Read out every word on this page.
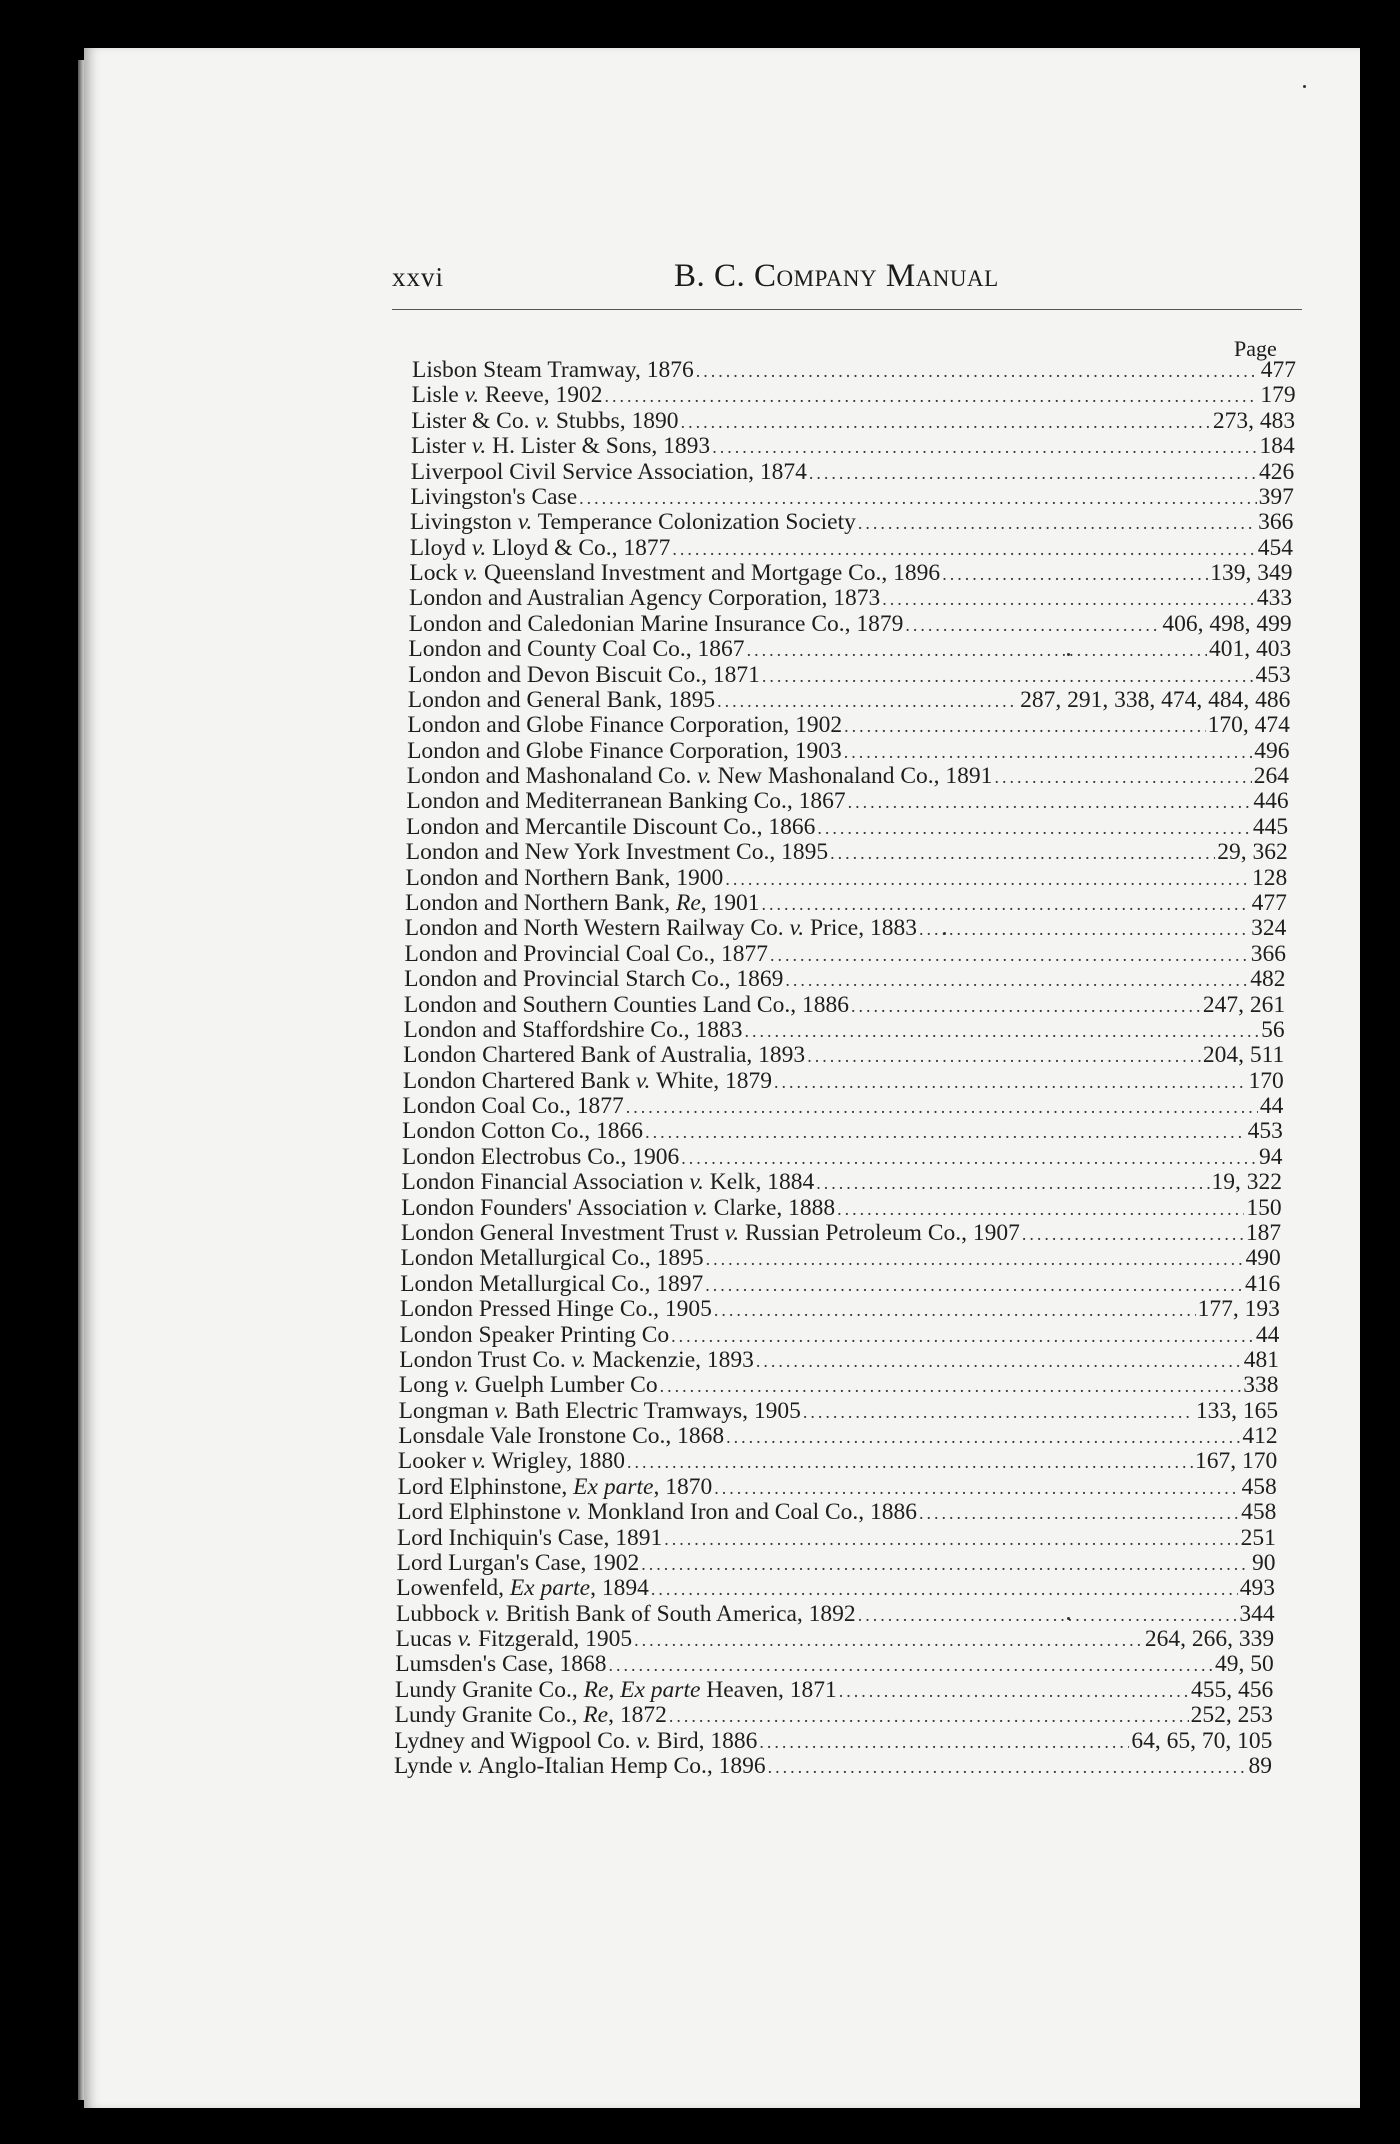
xxvi	B. C. Company Manual
Page
Lisbon Steam Tramway, 1876 .....	477
Lisle v. Reeve, 1902 .....	179
Lister & Co. v. Stubbs, 1890 .....	273, 483
Lister v. H. Lister & Sons, 1893 .....	184
Liverpool Civil Service Association, 1874 .....	426
Livingston's Case .....	397
Livingston v. Temperance Colonization Society .....	366
Lloyd v. Lloyd & Co., 1877 .....	454
Lock v. Queensland Investment and Mortgage Co., 1896 .....	139, 349
London and Australian Agency Corporation, 1873 .....	433
London and Caledonian Marine Insurance Co., 1879 .....	406, 498, 499
London and County Coal Co., 1867 .....	401, 403
London and Devon Biscuit Co., 1871 .....	453
London and General Bank, 1895 .....	287, 291, 338, 474, 484, 486
London and Globe Finance Corporation, 1902 .....	170, 474
London and Globe Finance Corporation, 1903 .....	496
London and Mashonaland Co. v. New Mashonaland Co., 1891 .....	264
London and Mediterranean Banking Co., 1867 .....	446
London and Mercantile Discount Co., 1866 .....	445
London and New York Investment Co., 1895 .....	29, 362
London and Northern Bank, 1900 .....	128
London and Northern Bank, Re, 1901 .....	477
London and North Western Railway Co. v. Price, 1883 .....	324
London and Provincial Coal Co., 1877 .....	366
London and Provincial Starch Co., 1869 .....	482
London and Southern Counties Land Co., 1886 .....	247, 261
London and Staffordshire Co., 1883 .....	56
London Chartered Bank of Australia, 1893 .....	204, 511
London Chartered Bank v. White, 1879 .....	170
London Coal Co., 1877 .....	44
London Cotton Co., 1866 .....	453
London Electrobus Co., 1906 .....	94
London Financial Association v. Kelk, 1884 .....	19, 322
London Founders' Association v. Clarke, 1888 .....	150
London General Investment Trust v. Russian Petroleum Co., 1907 .....	187
London Metallurgical Co., 1895 .....	490
London Metallurgical Co., 1897 .....	416
London Pressed Hinge Co., 1905 .....	177, 193
London Speaker Printing Co .....	44
London Trust Co. v. Mackenzie, 1893 .....	481
Long v. Guelph Lumber Co .....	338
Longman v. Bath Electric Tramways, 1905 .....	133, 165
Lonsdale Vale Ironstone Co., 1868 .....	412
Looker v. Wrigley, 1880 .....	167, 170
Lord Elphinstone, Ex parte, 1870 .....	458
Lord Elphinstone v. Monkland Iron and Coal Co., 1886 .....	458
Lord Inchiquin's Case, 1891 .....	251
Lord Lurgan's Case, 1902 .....	90
Lowenfeld, Ex parte, 1894 .....	493
Lubbock v. British Bank of South America, 1892 .....	344
Lucas v. Fitzgerald, 1905 .....	264, 266, 339
Lumsden's Case, 1868 .....	49, 50
Lundy Granite Co., Re, Ex parte Heaven, 1871 .....	455, 456
Lundy Granite Co., Re, 1872 .....	252, 253
Lydney and Wigpool Co. v. Bird, 1886 .....	64, 65, 70, 105
Lynde v. Anglo-Italian Hemp Co., 1896 .....	89
